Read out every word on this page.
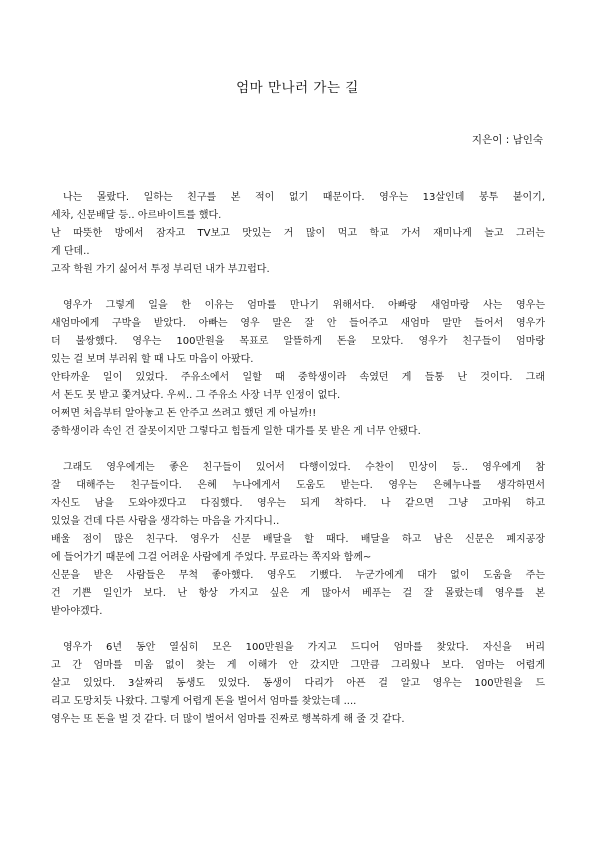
엄마 만나러 가는 길
지은이 : 남인숙

나는 몰랐다. 일하는 친구를 본 적이 없기 때문이다. 영우는 13살인데 봉투 붙이기,
세차, 신문배달 등.. 아르바이트를 했다.
난 따뜻한 방에서 잠자고 TV보고 맛있는 거 많이 먹고 학교 가서 재미나게 놀고 그러는
게 단데..
고작 학원 가기 싫어서 투정 부리던 내가 부끄럽다.

영우가 그렇게 일을 한 이유는 엄마를 만나기 위해서다. 아빠랑 새엄마랑 사는 영우는
새엄마에게 구박을 받았다. 아빠는 영우 말은 잘 안 들어주고 새엄마 말만 들어서 영우가
더 불쌍했다. 영우는 100만원을 목표로 알뜰하게 돈을 모았다. 영우가 친구들이 엄마랑
있는 걸 보며 부러워 할 때 나도 마음이 아팠다.
안타까운 일이 있었다. 주유소에서 일할 때 중학생이라 속였던 게 들통 난 것이다. 그래
서 돈도 못 받고 쫓겨났다. 우씨.. 그 주유소 사장 너무 인정이 없다.
어쩌면 처음부터 알아놓고 돈 안주고 쓰려고 했던 게 아닐까!!
중학생이라 속인 건 잘못이지만 그렇다고 힘들게 일한 대가를 못 받은 게 너무 안됐다.

그래도 영우에게는 좋은 친구들이 있어서 다행이었다. 수찬이 민상이 등.. 영우에게 참
잘 대해주는 친구들이다. 은혜 누나에게서 도움도 받는다. 영우는 은혜누나를 생각하면서
자신도 남을 도와야겠다고 다짐했다. 영우는 되게 착하다. 나 같으면 그냥 고마워 하고
있었을 건데 다른 사람을 생각하는 마음을 가지다니..
배울 점이 많은 친구다. 영우가 신문 배달을 할 때다. 배달을 하고 남은 신문은 폐지공장
에 들어가기 때문에 그걸 어려운 사람에게 주었다. 무료라는 쪽지와 함께~
신문을 받은 사람들은 무척 좋아했다. 영우도 기뻤다. 누군가에게 대가 없이 도움을 주는
건 기쁜 일인가 보다. 난 항상 가지고 싶은 게 많아서 베푸는 걸 잘 몰랐는데 영우를 본
받아야겠다.

영우가 6년 동안 열심히 모은 100만원을 가지고 드디어 엄마를 찾았다. 자신을 버리
고 간 엄마를 미움 없이 찾는 게 이해가 안 갔지만 그만큼 그리웠나 보다. 엄마는 어렵게
살고 있었다. 3살짜리 동생도 있었다. 동생이 다리가 아픈 걸 알고 영우는 100만원을 드
리고 도망치듯 나왔다. 그렇게 어렵게 돈을 벌어서 엄마를 찾았는데 ....
영우는 또 돈을 벌 것 같다. 더 많이 벌어서 엄마를 진짜로 행복하게 해 줄 것 같다.
